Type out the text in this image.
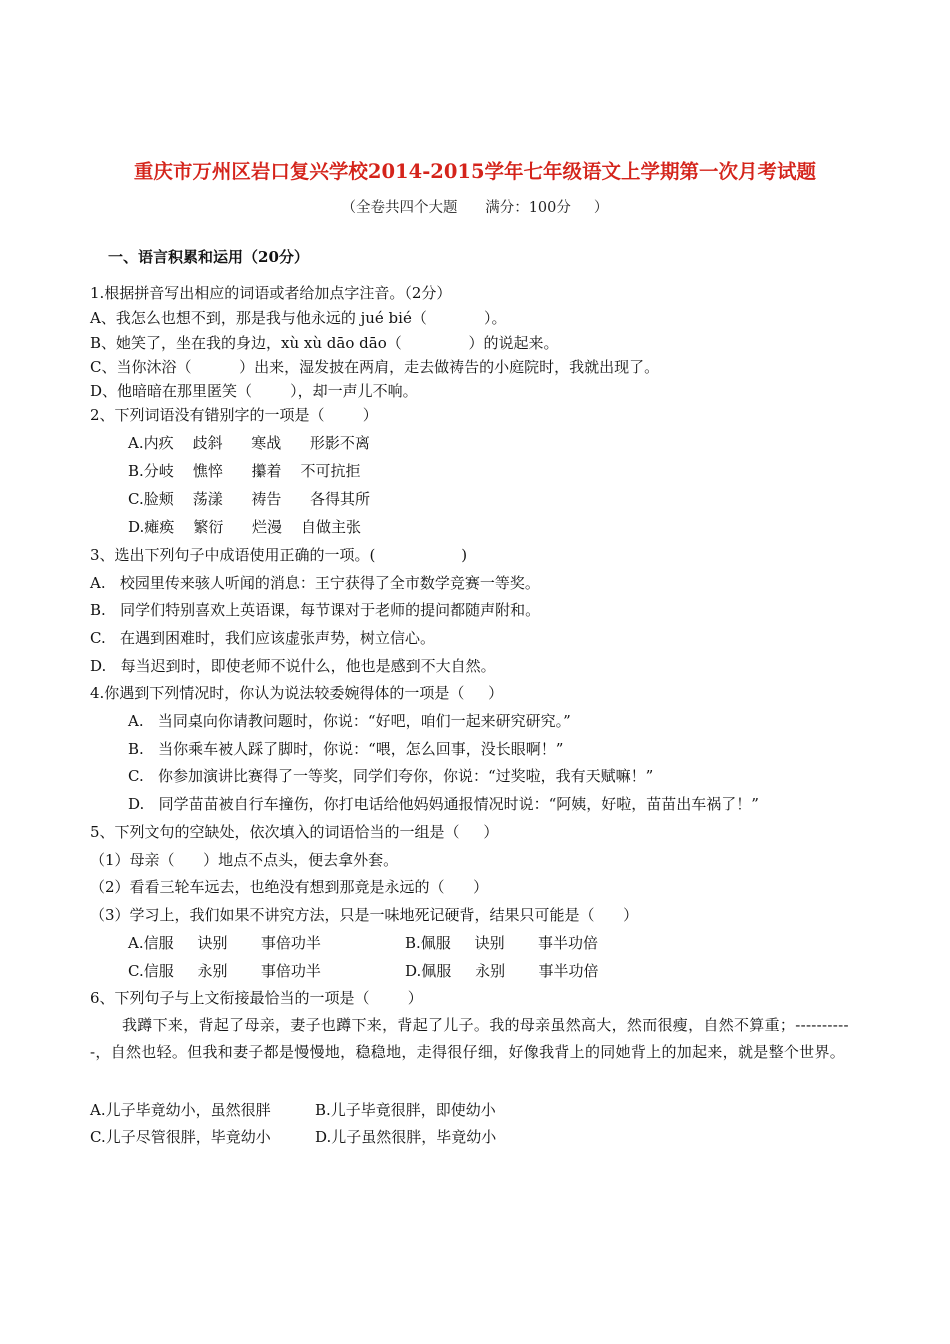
重庆市万州区岩口复兴学校2014-2015学年七年级语文上学期第一次月考试题
（全卷共四个大题      满分：100分     ）
一、语言积累和运用（20分）
1.根据拼音写出相应的词语或者给加点字注音。（2分）
A、我怎么也想不到，那是我与他永远的 jué bié（            ）。
B、她笑了，坐在我的身边，xù xù dāo dāo（              ）的说起来。
C、当你沐浴（          ）出来，湿发披在两肩，走去做祷告的小庭院时，我就出现了。
D、他暗暗在那里匿笑（        ），却一声儿不响。
2、下列词语没有错别字的一项是（        ）
A.内疚    歧斜      寒战      形影不离
B.分岐    憔悴      攥着    不可抗拒
C.脸颊    荡漾      祷告      各得其所
D.瘫痪    繁衍      烂漫    自做主张
3、选出下列句子中成语使用正确的一项。(                  )
A.   校园里传来骇人听闻的消息：王宁获得了全市数学竞赛一等奖。
B.   同学们特别喜欢上英语课，每节课对于老师的提问都随声附和。
C.   在遇到困难时，我们应该虚张声势，树立信心。
D.   每当迟到时，即使老师不说什么，他也是感到不大自然。
4.你遇到下列情况时，你认为说法较委婉得体的一项是（     ）
A.   当同桌向你请教问题时，你说：“好吧，咱们一起来研究研究。”
B.   当你乘车被人踩了脚时，你说：“喂，怎么回事，没长眼啊！”
C.   你参加演讲比赛得了一等奖，同学们夸你，你说：“过奖啦，我有天赋嘛！”
D.   同学苗苗被自行车撞伤，你打电话给他妈妈通报情况时说：“阿姨，好啦，苗苗出车祸了！”
5、下列文句的空缺处，依次填入的词语恰当的一组是（     ）
（1）母亲（      ）地点不点头，便去拿外套。
（2）看看三轮车远去，也绝没有想到那竟是永远的（      ）
（3）学习上，我们如果不讲究方法，只是一味地死记硬背，结果只可能是（      ）
A.信服     诀别       事倍功半	B.佩服     诀别       事半功倍
C.信服     永别       事倍功半	D.佩服     永别       事半功倍
6、下列句子与上文衔接最恰当的一项是（        ）
我蹲下来，背起了母亲，妻子也蹲下来，背起了儿子。我的母亲虽然高大，然而很瘦，自然不算重；-----------，自然也轻。但我和妻子都是慢慢地，稳稳地，走得很仔细，好像我背上的同她背上的加起来，就是整个世界。
A.儿子毕竟幼小，虽然很胖	B.儿子毕竟很胖，即使幼小
C.儿子尽管很胖，毕竟幼小	D.儿子虽然很胖，毕竟幼小
